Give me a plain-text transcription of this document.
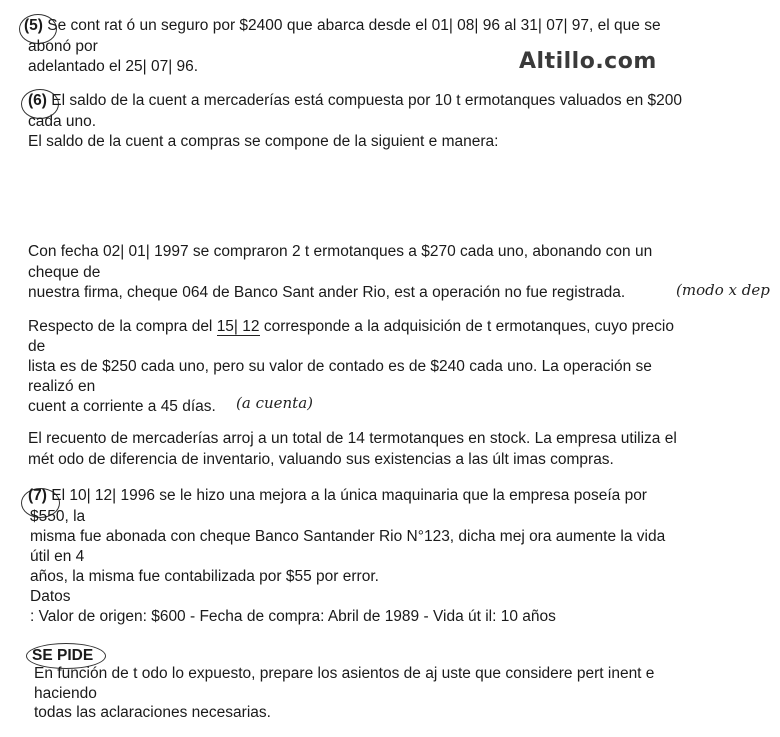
Altillo.com
(5) Se cont rat ó un seguro por $2400 que abarca desde el 01| 08| 96 al 31| 07| 97, el que se
abonó por
adelantado el 25| 07| 96.
(6) El saldo de la cuent a mercaderías está compuesta por 10 t ermotanques valuados en $200
cada uno.
El saldo de la cuent a compras se compone de la siguient e manera:
Con fecha 02| 01| 1997 se compraron 2 t ermotanques a $270 cada uno, abonando con un
cheque de
nuestra firma, cheque 064 de Banco Sant ander Rio, est a operación no fue registrada.	(modo x dep
Respecto de la compra del 15| 12 corresponde a la adquisición de t ermotanques, cuyo precio
de
lista es de $250 cada uno, pero su valor de contado es de $240 cada uno. La operación se
realizó en
cuent a corriente a 45 días. (a cuenta)
El recuento de mercaderías arroj a un total de 14 termotanques en stock. La empresa utiliza el
mét odo de diferencia de inventario, valuando sus existencias a las últ imas compras.
(7) El 10| 12| 1996 se le hizo una mejora a la única maquinaria que la empresa poseía por
$550, la
misma fue abonada con cheque Banco Santander Rio N°123, dicha mej ora aumente la vida
útil en 4
años, la misma fue contabilizada por $55 por error.
Datos
: Valor de origen: $600 - Fecha de compra: Abril de 1989 - Vida út il: 10 años
SE PIDE
En función de t odo lo expuesto, prepare los asientos de aj uste que considere pert inent e
haciendo
todas las aclaraciones necesarias.
